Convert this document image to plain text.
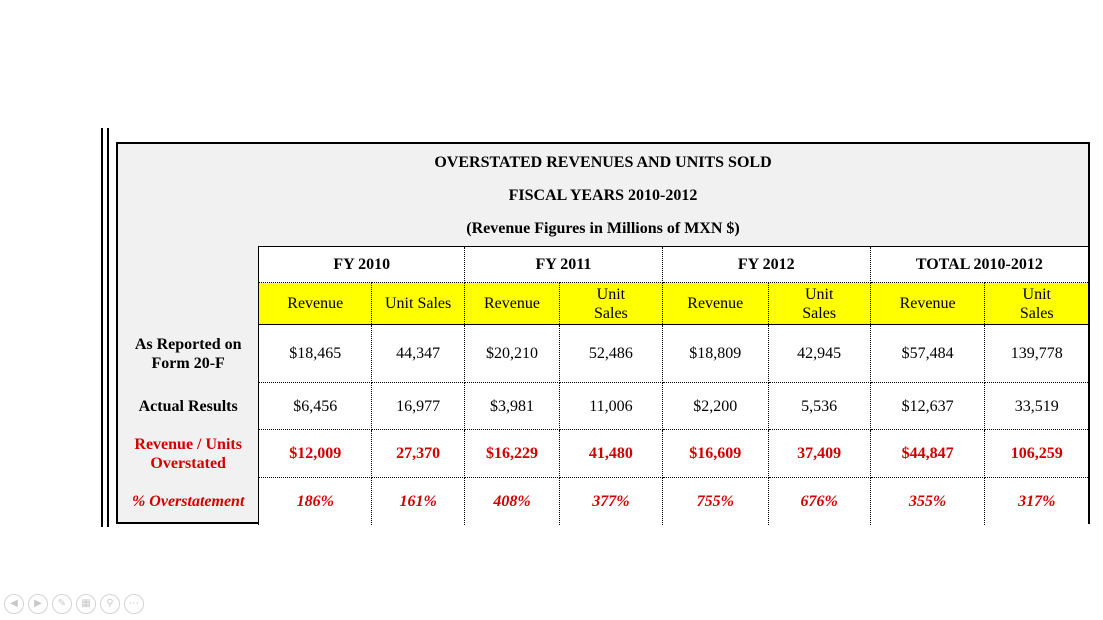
OVERSTATED REVENUES AND UNITS SOLD
FISCAL YEARS 2010-2012
(Revenue Figures in Millions of MXN $)
	FY 2010		FY 2011		FY 2012		TOTAL 2010-2012	
	Revenue	Unit Sales	Revenue	Unit Sales	Revenue	Unit Sales	Revenue	Unit Sales
As Reported on Form 20-F	$18,465	44,347	$20,210	52,486	$18,809	42,945	$57,484	139,778
Actual Results	$6,456	16,977	$3,981	11,006	$2,200	5,536	$12,637	33,519
Revenue / Units Overstated	$12,009	27,370	$16,229	41,480	$16,609	37,409	$44,847	106,259
% Overstatement	186%	161%	408%	377%	755%	676%	355%	317%
◀	▶	✎	▦	⚲	⋯
